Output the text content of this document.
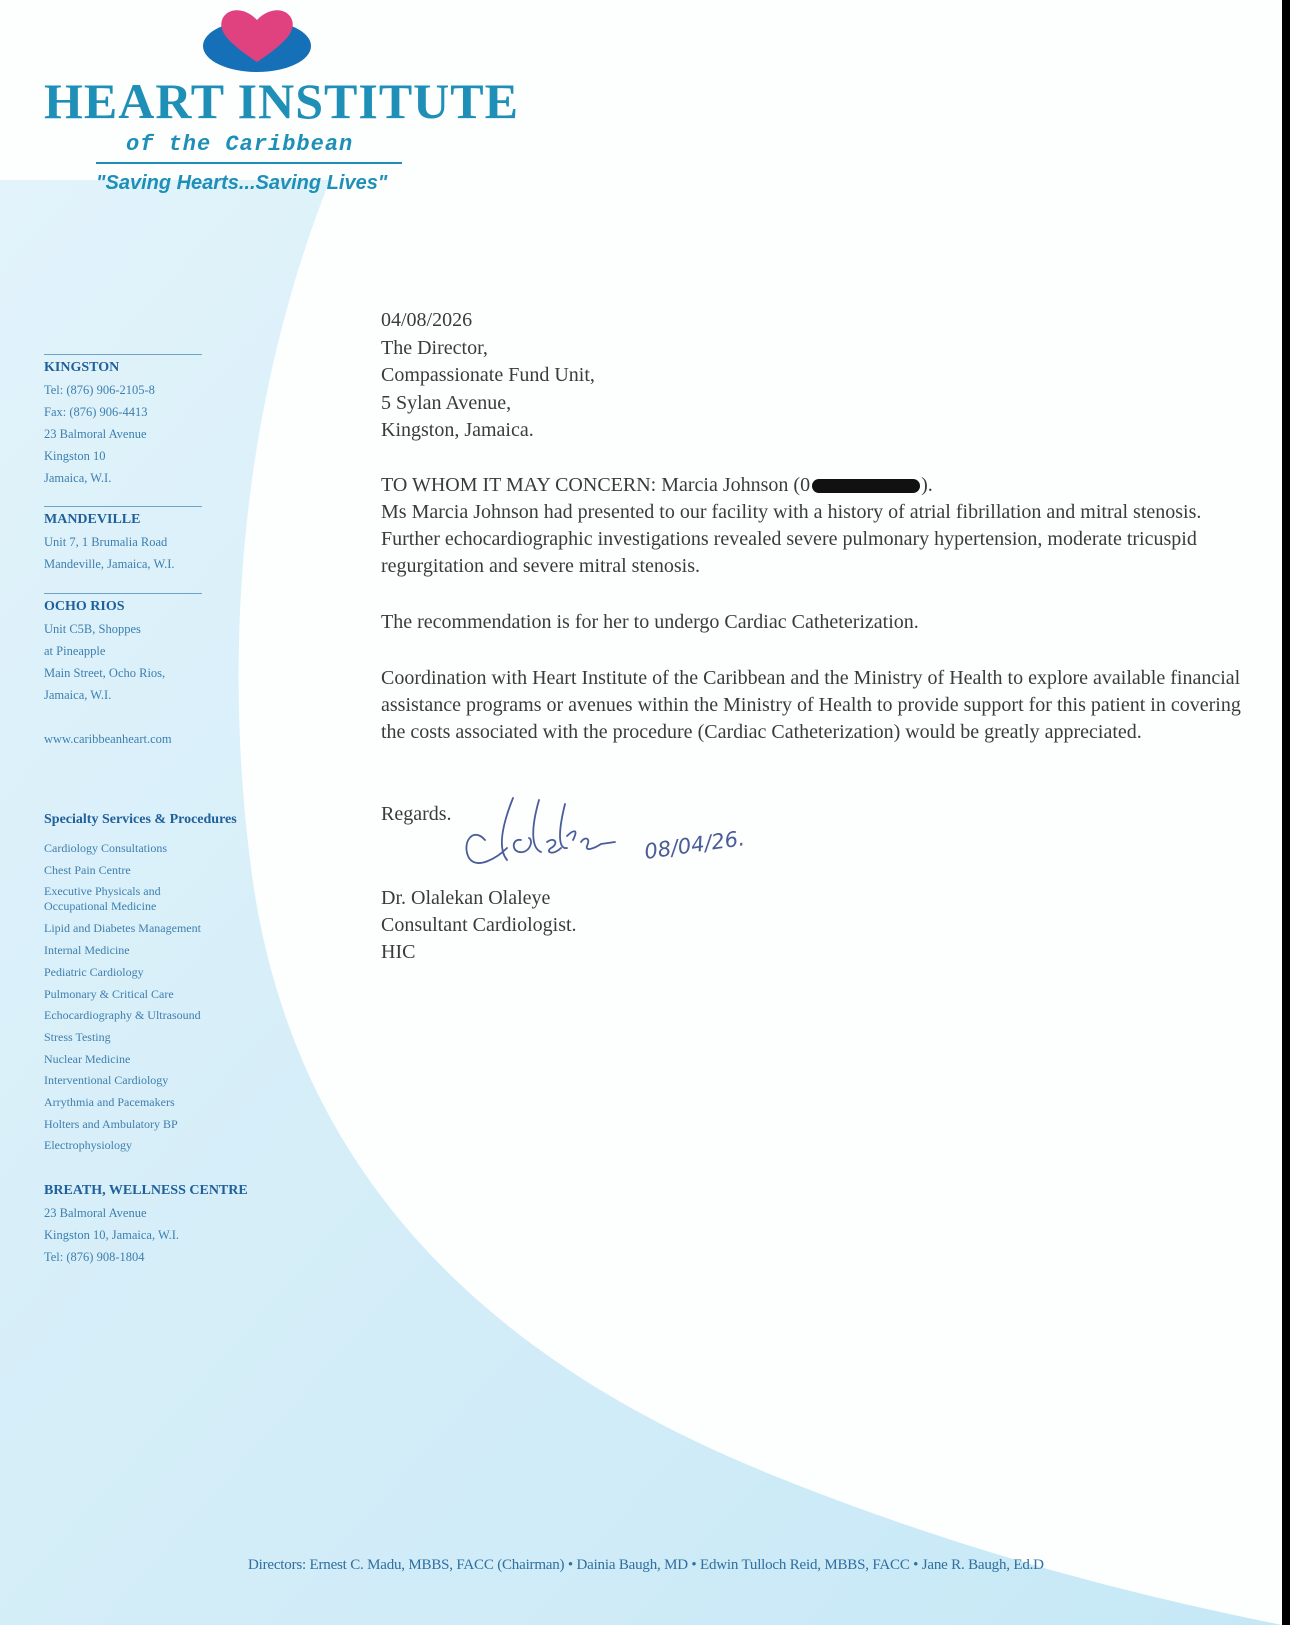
HEART INSTITUTE
of the Caribbean
"Saving Hearts...Saving Lives"
KINGSTON
Tel: (876) 906-2105-8
Fax: (876) 906-4413
23 Balmoral Avenue
Kingston 10
Jamaica, W.I.
MANDEVILLE
Unit 7, 1 Brumalia Road
Mandeville, Jamaica, W.I.
OCHO RIOS
Unit C5B, Shoppes
at Pineapple
Main Street, Ocho Rios,
Jamaica, W.I.
www.caribbeanheart.com
Specialty Services & Procedures
Cardiology Consultations
Chest Pain Centre
Executive Physicals and
Occupational Medicine
Lipid and Diabetes Management
Internal Medicine
Pediatric Cardiology
Pulmonary & Critical Care
Echocardiography & Ultrasound
Stress Testing
Nuclear Medicine
Interventional Cardiology
Arrythmia and Pacemakers
Holters and Ambulatory BP
Electrophysiology
BREATH, WELLNESS CENTRE
23 Balmoral Avenue
Kingston 10, Jamaica, W.I.
Tel: (876) 908-1804

04/08/2026

The Director,

Compassionate Fund Unit,

5 Sylan Avenue,

Kingston, Jamaica.

TO WHOM IT MAY CONCERN: Marcia Johnson (0	).

Ms Marcia Johnson had presented to our facility with a history of atrial fibrillation and mitral stenosis. Further echocardiographic investigations revealed severe pulmonary hypertension, moderate tricuspid regurgitation and severe mitral stenosis.

The recommendation is for her to undergo Cardiac Catheterization.
Coordination with Heart Institute of the Caribbean and the Ministry of Health to explore available financial assistance programs or avenues within the Ministry of Health to provide support for this patient in covering the costs associated with the procedure (Cardiac Catheterization) would be greatly appreciated.
Regards.
08/04/26.

Dr. Olalekan Olaleye

Consultant Cardiologist.

HIC

Directors: Ernest C. Madu, MBBS, FACC (Chairman) • Dainia Baugh, MD • Edwin Tulloch Reid, MBBS, FACC • Jane R. Baugh, Ed.D
